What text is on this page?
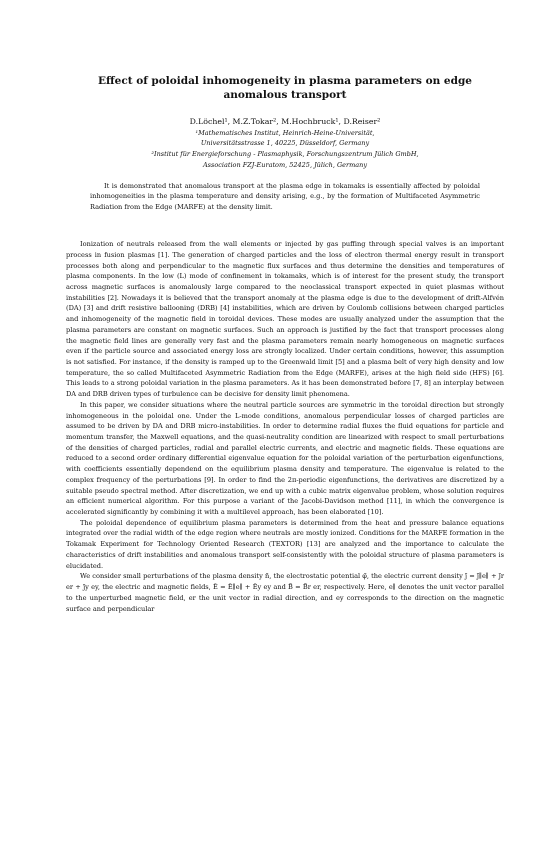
Effect of poloidal inhomogeneity in plasma parameters on edge anomalous transport
D.Löchel¹, M.Z.Tokar², M.Hochbruck¹, D.Reiser²
¹Mathematisches Institut, Heinrich-Heine-Universität,
Universitätsstrasse 1, 40225, Düsseldorf, Germany
²Institut für Energieforschung - Plasmaphysik, Forschungszentrum Jülich GmbH,
Association FZJ-Euratom, 52425, Jülich, Germany
It is demonstrated that anomalous transport at the plasma edge in tokamaks is essentially affected by poloidal inhomogeneities in the plasma temperature and density arising, e.g., by the formation of Multifaceted Asymmetric Radiation from the Edge (MARFE) at the density limit.

Ionization of neutrals released from the wall elements or injected by gas puffing through special valves is an important process in fusion plasmas [1]. The generation of charged particles and the loss of electron thermal energy result in transport processes both along and perpendicular to the magnetic flux surfaces and thus determine the densities and temperatures of plasma components. In the low (L) mode of confinement in tokamaks, which is of interest for the present study, the transport across magnetic surfaces is anomalously large compared to the neoclassical transport expected in quiet plasmas without instabilities [2]. Nowadays it is believed that the transport anomaly at the plasma edge is due to the development of drift-Alfvén (DA) [3] and drift resistive ballooning (DRB) [4] instabilities, which are driven by Coulomb collisions between charged particles and inhomogeneity of the magnetic field in toroidal devices. These modes are usually analyzed under the assumption that the plasma parameters are constant on magnetic surfaces. Such an approach is justified by the fact that transport processes along the magnetic field lines are generally very fast and the plasma parameters remain nearly homogeneous on magnetic surfaces even if the particle source and associated energy loss are strongly localized. Under certain conditions, however, this assumption is not satisfied. For instance, if the density is ramped up to the Greenwald limit [5] and a plasma belt of very high density and low temperature, the so called Multifaceted Asymmetric Radiation from the Edge (MARFE), arises at the high field side (HFS) [6]. This leads to a strong poloidal variation in the plasma parameters. As it has been demonstrated before [7, 8] an interplay between DA and DRB driven types of turbulence can be decisive for density limit phenomena.

In this paper, we consider situations where the neutral particle sources are symmetric in the toroidal direction but strongly inhomogeneous in the poloidal one. Under the L-mode conditions, anomalous perpendicular losses of charged particles are assumed to be driven by DA and DRB micro-instabilities. In order to determine radial fluxes the fluid equations for particle and momentum transfer, the Maxwell equations, and the quasi-neutrality condition are linearized with respect to small perturbations of the densities of charged particles, radial and parallel electric currents, and electric and magnetic fields. These equations are reduced to a second order ordinary differential eigenvalue equation for the poloidal variation of the perturbation eigenfunctions, with coefficients essentially dependend on the equilibrium plasma density and temperature. The eigenvalue is related to the complex frequency of the perturbations [9]. In order to find the 2π-periodic eigenfunctions, the derivatives are discretized by a suitable pseudo spectral method. After discretization, we end up with a cubic matrix eigenvalue problem, whose solution requires an efficient numerical algorithm. For this purpose a variant of the Jacobi-Davidson method [11], in which the convergence is accelerated significantly by combining it with a multilevel approach, has been elaborated [10].

The poloidal dependence of equilibrium plasma parameters is determined from the heat and pressure balance equations integrated over the radial width of the edge region where neutrals are mostly ionized. Conditions for the MARFE formation in the Tokamak Experiment for Technology Oriented Research (TEXTOR) [13] are analyzed and the importance to calculate the characteristics of drift instabilities and anomalous transport self-consistently with the poloidal structure of plasma parameters is elucidated.

We consider small perturbations of the plasma density ñ, the electrostatic potential φ̃, the electric current density j̃ = j̃∥e∥ + j̃r er + j̃y ey, the electric and magnetic fields, Ẽ = Ẽ∥e∥ + Ẽy ey and B̃ = B̃r er, respectively. Here, e∥ denotes the unit vector parallel to the unperturbed magnetic field, er the unit vector in radial direction, and ey corresponds to the direction on the magnetic surface and perpendicular
